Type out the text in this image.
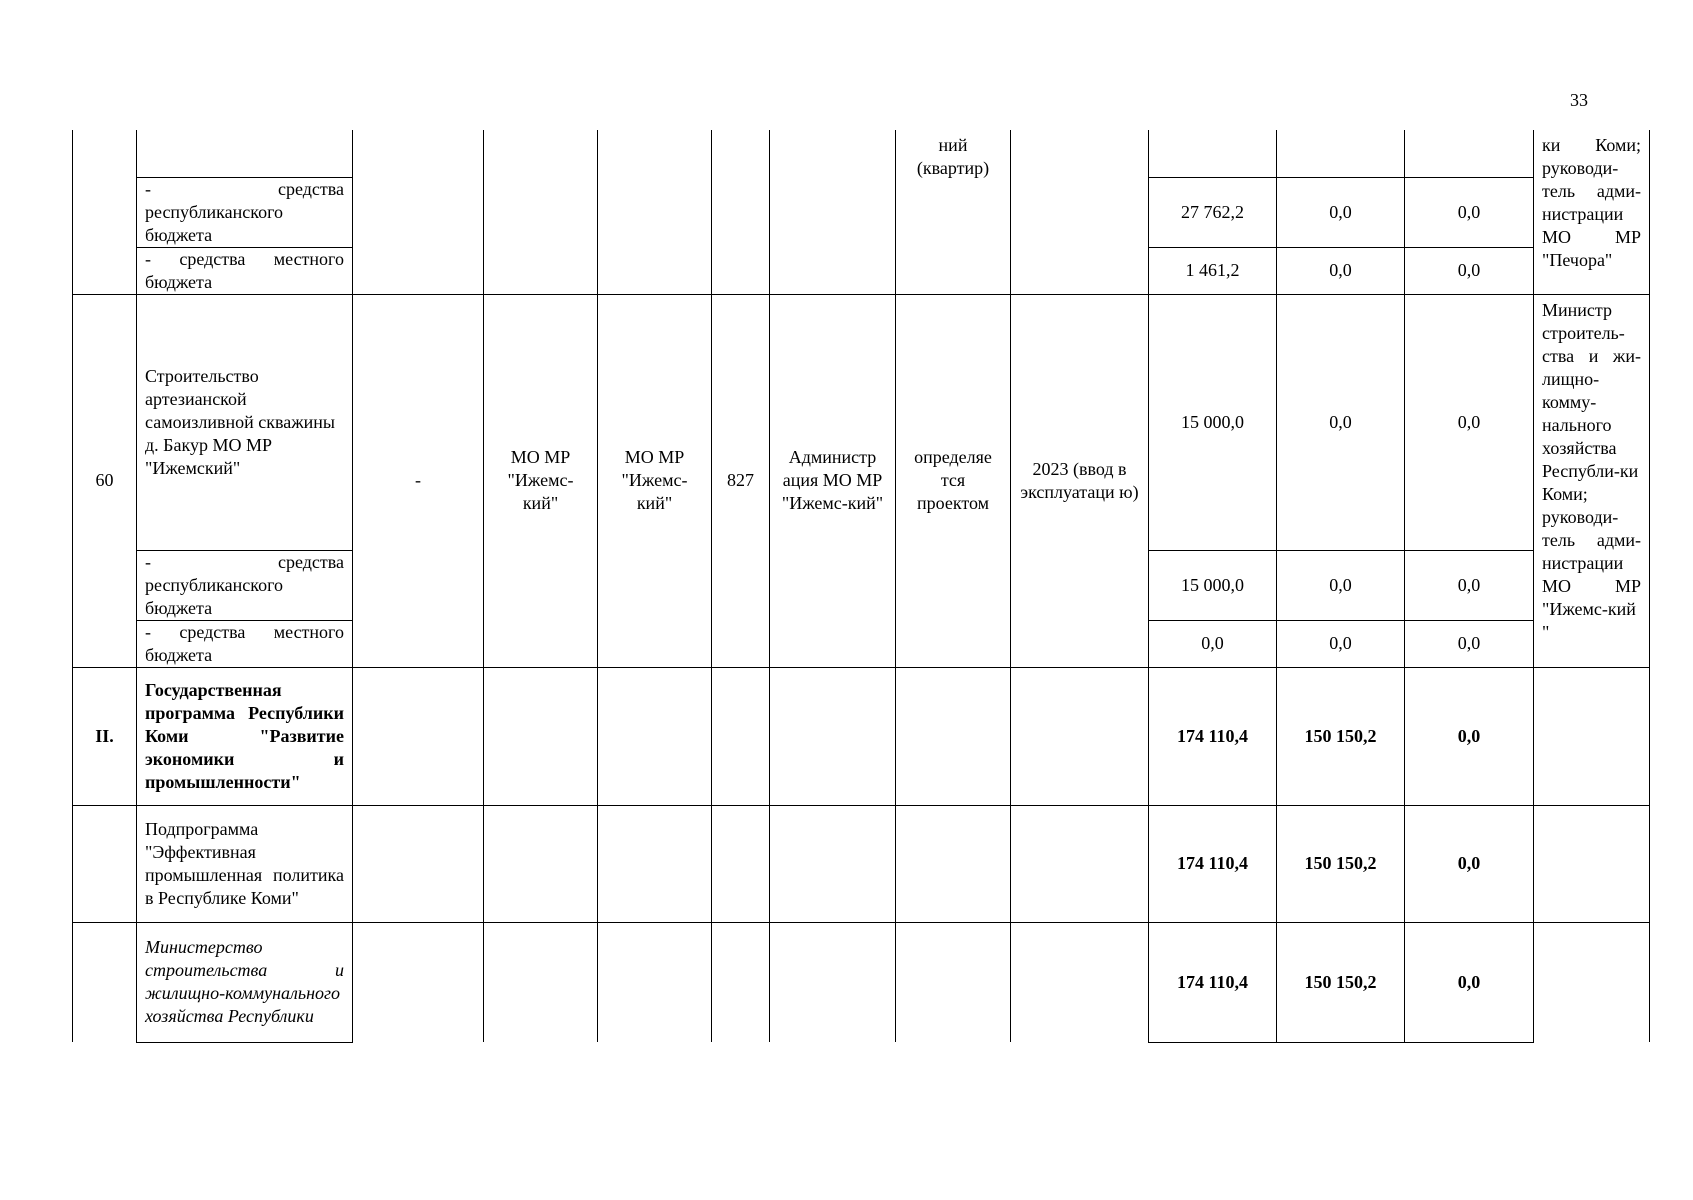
33
							ний (квартир)					ки Коми; руководи-тель адми-нистрации МО МР "Печора"
	- средства республиканского бюджета								27 762,2	0,0	0,0	
	- средства местного бюджета								1 461,2	0,0	0,0	
60	Строительство артезианской самоизливной скважины д. Бакур МО МР "Ижемский"	-	МО МР "Ижемс-кий"	МО МР "Ижемс-кий"	827	Администр ация МО МР "Ижемс-кий"	определяе тся проектом	2023 (ввод в эксплуатаци ю)	15 000,0	0,0	0,0	Министр строитель-ства и жи-лищно-комму-нального хозяйства Республи-ки Коми; руководи-тель адми-нистрации МО МР "Ижемс-кий "
	- средства республиканского бюджета								15 000,0	0,0	0,0	
	- средства местного бюджета								0,0	0,0	0,0	
II.	Государственная программа Республики Коми "Развитие экономики и промышленности"								174 110,4	150 150,2	0,0	
	Подпрограмма "Эффективная промышленная политика в Республике Коми"								174 110,4	150 150,2	0,0	
	Министерство строительства и жилищно-коммунального хозяйства Республики								174 110,4	150 150,2	0,0	
